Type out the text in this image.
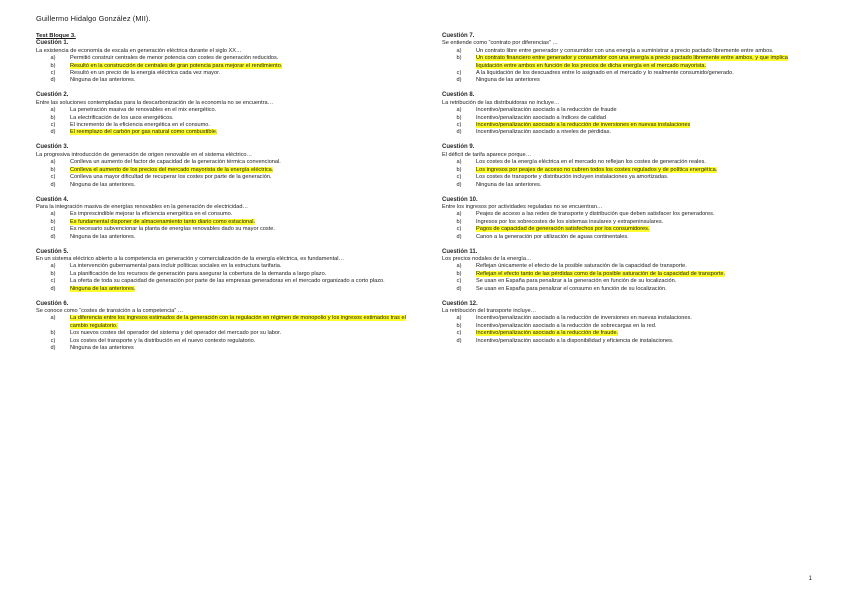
Guillermo Hidalgo González (MII).
Test Bloque 3.
Cuestión 1.
La existencia de economía de escala en generación eléctrica durante el siglo XX…
a)	Permitió construir centrales de menor potencia con costes de generación reducidos.
b)	Resultó en la construcción de centrales de gran potencia para mejorar el rendimiento.
c)	Resultó en un precio de la energía eléctrica cada vez mayor.
d)	Ninguna de las anteriores.
Cuestión 2.
Entre las soluciones contempladas para la descarbonización de la economía no se encuentra…
a)	La penetración masiva de renovables en el mix energético.
b)	La electrificación de los usos energéticos.
c)	El incremento de la eficiencia energética en el consumo.
d)	El reemplazo del carbón por gas natural como combustible.
Cuestión 3.
La progresiva introducción de generación de origen renovable en el sistema eléctrico…
a)	Conlleva un aumento del factor de capacidad de la generación térmica convencional.
b)	Conlleva el aumento de los precios del mercado mayorista de la energía eléctrica.
c)	Conlleva una mayor dificultad de recuperar los costes por parte de la generación.
d)	Ninguna de las anteriores.
Cuestión 4.
Para la integración masiva de energías renovables en la generación de electricidad…
a)	Es imprescindible mejorar la eficiencia energética en el consumo.
b)	Es fundamental disponer de almacenamiento tanto diario como estacional.
c)	Es necesario subvencionar la planta de energías renovables dado su mayor coste.
d)	Ninguna de las anteriores.
Cuestión 5.
En un sistema eléctrico abierto a la competencia en generación y comercialización de la energía eléctrica, es fundamental…
a)	La intervención gubernamental para incluir políticas sociales en la estructura tarifaria.
b)	La planificación de los recursos de generación para asegurar la cobertura de la demanda a largo plazo.
c)	La oferta de toda su capacidad de generación por parte de las empresas generadoras en el mercado organizado a corto plazo.
d)	Ninguna de las anteriores.
Cuestión 6.
Se conoce como “costes de transición a la competencia” …
a)	La diferencia entre los ingresos estimados de la generación con la regulación en régimen de monopolio y los ingresos estimados tras el cambio regulatorio.
b)	Los nuevos costes del operador del sistema y del operador del mercado por su labor.
c)	Los costes del transporte y la distribución en el nuevo contexto regulatorio.
d)	Ninguna de las anteriores
Cuestión 7.
Se entiende como “contrato por diferencias” …
a)	Un contrato libre entre generador y consumidor con una energía a suministrar a precio pactado libremente entre ambos.
b)	Un contrato financiero entre generador y consumidor con una energía a precio pactado libremente entre ambos, y que implica liquidación entre ambos en función de los precios de dicha energía en el mercado mayorista.
c)	A la liquidación de los descuadres entre lo asignado en el mercado y lo realmente consumido/generado.
d)	Ninguna de las anteriores
Cuestión 8.
La retribución de las distribuidoras no incluye…
a)	Incentivo/penalización asociado a la reducción de fraude
b)	Incentivo/penalización asociado a índices de calidad
c)	Incentivo/penalización asociado a la reducción de inversiones en nuevas instalaciones
d)	Incentivo/penalización asociado a niveles de pérdidas.
Cuestión 9.
El déficit de tarifa aparece porque…
a)	Los costes de la energía eléctrica en el mercado no reflejan los costes de generación reales.
b)	Los ingresos por peajes de acceso no cubren todos los costes regulados y de política energética.
c)	Los costes de transporte y distribución incluyen instalaciones ya amortizadas.
d)	Ninguna de las anteriores.
Cuestión 10.
Entre los ingresos por actividades reguladas no se encuentran…
a)	Peajes de acceso a las redes de transporte y distribución que deben satisfacer los generadores.
b)	Ingresos por los sobrecostes de los sistemas insulares y extrapeninsulares.
c)	Pagos de capacidad de generación satisfechos por los consumidores.
d)	Canon a la generación por utilización de aguas continentales.
Cuestión 11.
Los precios nodales de la energía…
a)	Reflejan únicamente el efecto de la posible saturación de la capacidad de transporte.
b)	Reflejan el efecto tanto de las pérdidas como de la posible saturación de la capacidad de transporte.
c)	Se usan en España para penalizar a la generación en función de su localización.
d)	Se usan en España para penalizar el consumo en función de su localización.
Cuestión 12.
La retribución del transporte incluye…
a)	Incentivo/penalización asociado a la reducción de inversiones en nuevas instalaciones.
b)	Incentivo/penalización asociado a la reducción de sobrecargas en la red.
c)	Incentivo/penalización asociado a la reducción de fraude.
d)	Incentivo/penalización asociado a la disponibilidad y eficiencia de instalaciones.
1
